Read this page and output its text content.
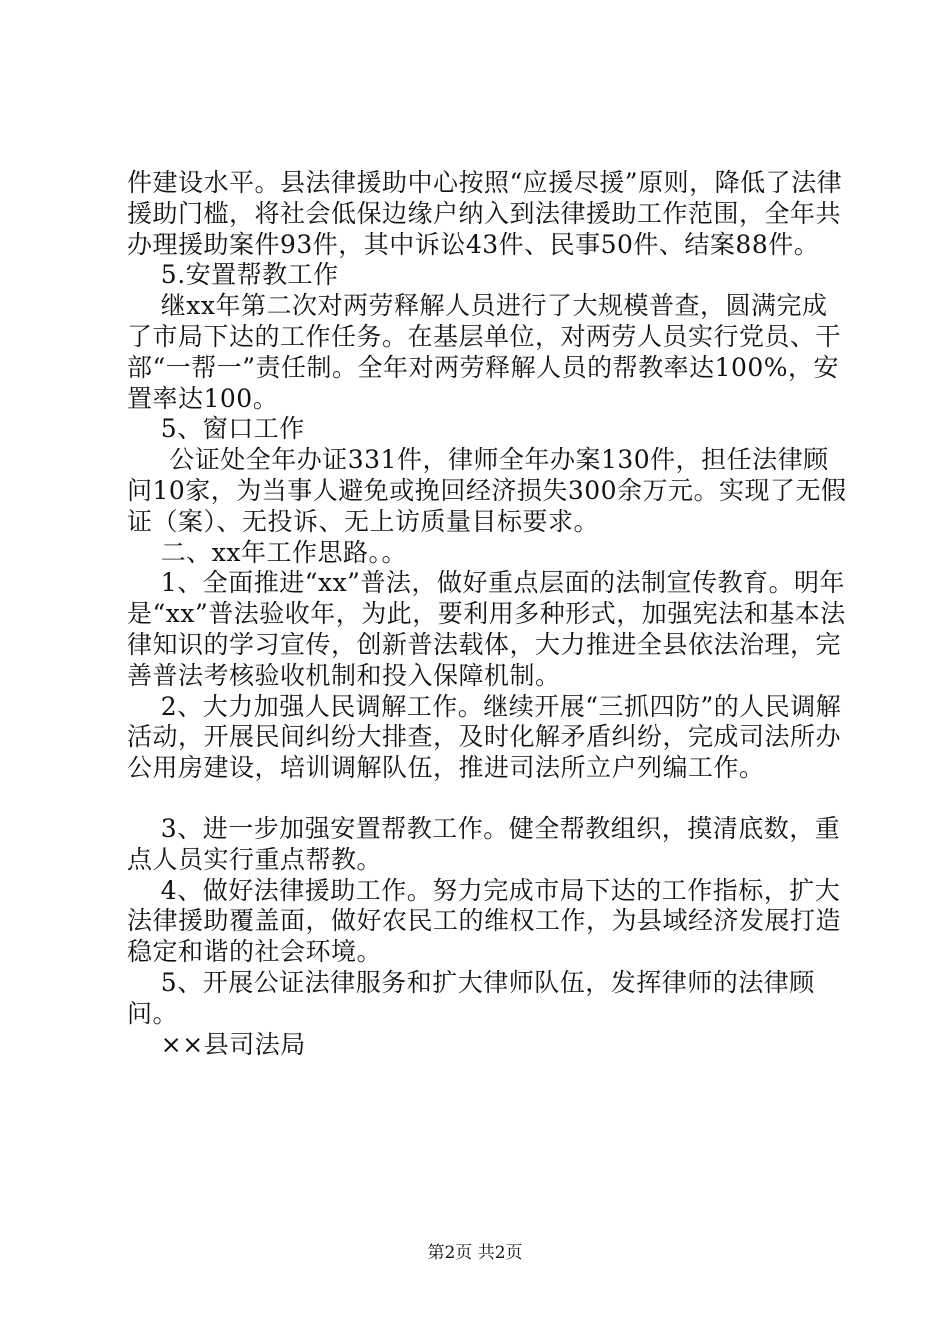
件建设水平。县法律援助中心按照“应援尽援”原则，降低了法律援助门槛，将社会低保边缘户纳入到法律援助工作范围，全年共办理援助案件93件，其中诉讼43件、民事50件、结案88件。

5.安置帮教工作

继xx年第二次对两劳释解人员进行了大规模普查，圆满完成了市局下达的工作任务。在基层单位，对两劳人员实行党员、干部“一帮一”责任制。全年对两劳释解人员的帮教率达100%，安置率达100。

5、窗口工作

公证处全年办证331件，律师全年办案130件，担任法律顾问10家，为当事人避免或挽回经济损失300余万元。实现了无假证（案）、无投诉、无上访质量目标要求。

二、xx年工作思路。。

1、全面推进“xx”普法，做好重点层面的法制宣传教育。明年是“xx”普法验收年，为此，要利用多种形式，加强宪法和基本法律知识的学习宣传，创新普法载体，大力推进全县依法治理，完善普法考核验收机制和投入保障机制。

2、大力加强人民调解工作。继续开展“三抓四防”的人民调解活动，开展民间纠纷大排查，及时化解矛盾纠纷，完成司法所办公用房建设，培训调解队伍，推进司法所立户列编工作。

3、进一步加强安置帮教工作。健全帮教组织，摸清底数，重点人员实行重点帮教。

4、做好法律援助工作。努力完成市局下达的工作指标，扩大法律援助覆盖面，做好农民工的维权工作，为县域经济发展打造稳定和谐的社会环境。

5、开展公证法律服务和扩大律师队伍，发挥律师的法律顾问。

××县司法局

第2页 共2页
